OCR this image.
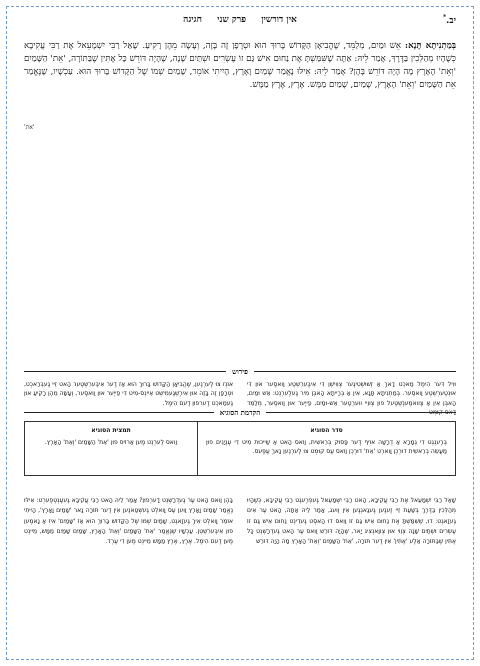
יב.*
אין דורשין פרק שני חגיגה
בְּמַתְנִיתָא תָּנָא: אֵשׁ וּמַיִם, מְלַמֵּד, שֶׁהֱבִיאָן הַקָּדוֹשׁ בָּרוּךְ הוּא וּטְרָפָן זֶה בָּזֶה, וְעָשָׂה מֵהֶן רָקִיעַ. שָׁאַל רַבִּי יִשְׁמָעֵאל אֶת רַבִּי עֲקִיבָא כְּשֶׁהָיוּ מְהַלְּכִין בַּדֶּרֶךְ, אָמַר לֵיהּ: אַתָּה שֶׁשִּׁמַּשְׁתָּ אֶת נַחוּם אִישׁ גַּם זוֹ עֶשְׂרִים וּשְׁתַּיִם שָׁנָה, שֶׁהָיָה דּוֹרֵשׁ כָּל אֶתִּין שֶׁבַּתּוֹרָה, 'אֵת' הַשָּׁמַיִם 'וְאֵת' הָאָרֶץ מָה הָיָה דּוֹרֵשׁ בָּהֶן? אָמַר לֵיהּ: אִילּוּ נֶאֱמַר שָׁמַיִם וָאָרֶץ, הָיִיתִי אוֹמֵר, שָׁמַיִם שְׁמוֹ שֶׁל הַקָּדוֹשׁ בָּרוּךְ הוּא. עַכְשָׁיו, שֶׁנֶּאֱמַר אֵת הַשָּׁמַיִם 'וְאֵת' הָאָרֶץ, שָׁמַיִם, שָׁמַיִם מַמָּשׁ. אֶרֶץ, אֶרֶץ מַמָּשׁ.
'את'
פירוש
וּוִיל דִּער הִימֶל מַאכְט דָאךְ אַ זְשׁוּשְׁטִיגֶער צְוִוישְׁן דִּי אִיבֶּערִשְׁטֶע וַואסֶער אוּן דִּי אוּנְטֶערְשְׁטֶע וַואסֶער. בְּמַתְנִיתָא תָּנָא, אִין אַ בְּרַייתָא הָאבְּן מִיר גֶעלֶערְנְט: אֵשׁ וּמַיִם, הָאבְּן אִין אַ צֶוואמֶענְשְׁטֶעל פוּן צְווֵיי ווערְטֶער אֵשׁ-וּמַיִם, פַייֶער אוּן וַואסֶער, מְלַמֵּד דָאס קוּמְט
אוֹנְז צוּ לֶערְנֶען, שֶׁהֱבִיאָן הַקָּדוֹשׁ בָּרוּךְ הוּא אַז דֶער אִיבֶּערִשְׁטֶער הָאט זֵיי גֶעבְּרַאכְט, וּטְרָפָן זֶה בָּזֶה אוּן אִירְשְׁגֶעמִישְׁט אֵיינְס-מִיט דִּי פַייֶער אוּן וַואסֶער, וְעָשָׂה מֵהֶן רָקִיעַ אוּן גֶעמַאכְט דֶערפוּן דֶעם הִימֶל.
הקדמת הסוגיא
סדר הסוגיא
בְּרֶענְגְט דִי גְמָרָא אַ דְרָשָׁה אוֹיף דֶער פָּסוּק בְּרֵאשִׁית, וַוֹאס הָאט אַ שַׁייכוּת מִיט דִי עֶנְיָנִים פוּן מַעֲשֵׂה בְרֵאשִׁית דוּרְכְן וָוארְט 'אֵת' דוּרְכְן וַוֹאס עֶס קוּמְט צוּ לֶערְנֶען נָאךְ עֶפֶּעס.
תמצית הסוגיא
וַואס לֶערְנְט מֶען אַרוֹיס פוּן 'אֵת' הַשָּׁמַיִם 'וְאֵת' הָאָרֶץ.
שָׁאַל רַבִּי יִשְׁמָעֵאל אֶת רַבִּי עֲקִיבָא, הָאט רַבִּי יִשְׁמָעֵאל גֶעפְרֶעגְט רַבִּי עֲקִיבָא, כְּשֶׁהָיוּ מְהַלְּכִין בַּדֶּרֶךְ בְּשַׁעַת זֵיי זֶענֶען גֶעגַאנְגֶען אִין וֶועג, אָמַר לֵיהּ אַתָּה, הָאט עֶר אִים גֶעזָאגְט: דוּ, שֶׁשִּׁמַּשְׁתָּ אֶת נַחוּם אִישׁ גַּם זוֹ וַואס דוּ הָאסְט גֶעדִינְט נַחוּם אִישׁ גַּם זוֹ עֶשְׂרִים וּשְׁתַּיִם שָׁנָה צְוֵוי אוּן צְווַאנְצִיג יָאר, שֶׁהָיָה דּוֹרֵשׁ וַואס עֶר הָאט גֶעדְרָשְׁנְט כָּל אֶתִּין שֶׁבַּתּוֹרָה אַלֶע 'אֶתִּין' אִין דֶער תּוֹרָה, 'אֵת' הַשָּׁמַיִם 'וְאֵת' הָאָרֶץ מָה הָיָה דּוֹרֵשׁ
בָּהֶן וַואס הָאט עֶר גֶעדְרָשְׁנְט דָערְפוּן? אָמַר לֵיהּ הָאט רַבִּי עֲקִיבָא גֶעעֶנְטְפֶערְט: אִילּוּ נֶאֱמַר שָׁמַיִם וָאָרֶץ וַוען עֶס וָואלְט גֶעשְׁטַאנֶען אִין דֶער תּוֹרָה נָאר 'שָׁמַיִם וָאָרֶץ', הָיִיתִי אוֹמֵר וָואלְט אִיךְ גֶעזָאגְט, שָׁמַיִם שְׁמוֹ שֶׁל הַקָּדוֹשׁ בָּרוּךְ הוּא אַז 'שָׁמַיִם' אִיז אַ נָאמֶען פוּן אִיבֶּערִשְׁטְן. עַכְשָׁיו שֶׁנֶּאֱמַר 'אֵת' הַשָּׁמַיִם 'וְאֵת' הָאָרֶץ, שָׁמַיִם שָׁמַיִם מַמָּשׁ, מֵיינְט מֶען דֶעם הִימֶל. אֶרֶץ, אֶרֶץ מַמָּשׁ מֵיינְט מֶען דִי עֶרְד.
